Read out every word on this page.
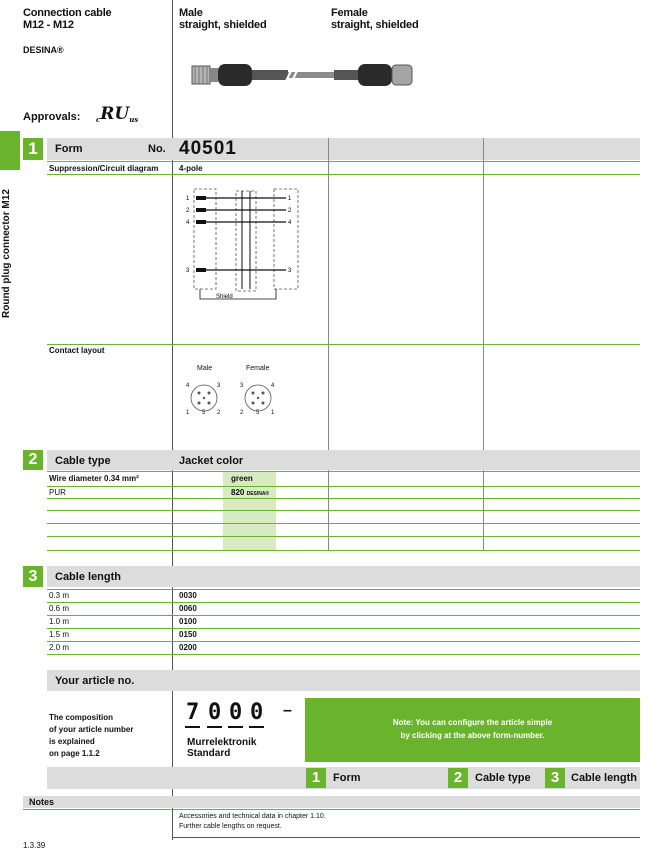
Connection cable
M12 - M12
DESINA®
Approvals: cRUus
Male
straight, shielded
Female
straight, shielded
Round plug connector M12
1	Form	No. 40501
Suppression/Circuit diagram	4-pole
Shield
1
2
4
3
1
2
4
3
Contact layout
Male	Female
4	3
1	2
5
3	4
2	1
5
2	Cable type	Jacket color
Wire diameter 0.34 mm²	green
PUR	820 DESINA®
3	Cable length
0.3 m	0030
0.6 m	0060
1.0 m	0100
1.5 m	0150
2.0 m	0200
Your article no.
The composition
of your article number
is explained
on page 1.1.2
7 0 0 0 –
Murrelektronik
Standard
Note: You can configure the article simple
by clicking at the above form-number.
1	Form	2	Cable type	3	Cable length
Notes
Accessories and technical data in chapter 1.10.
Further cable lengths on request.
1.3.39
